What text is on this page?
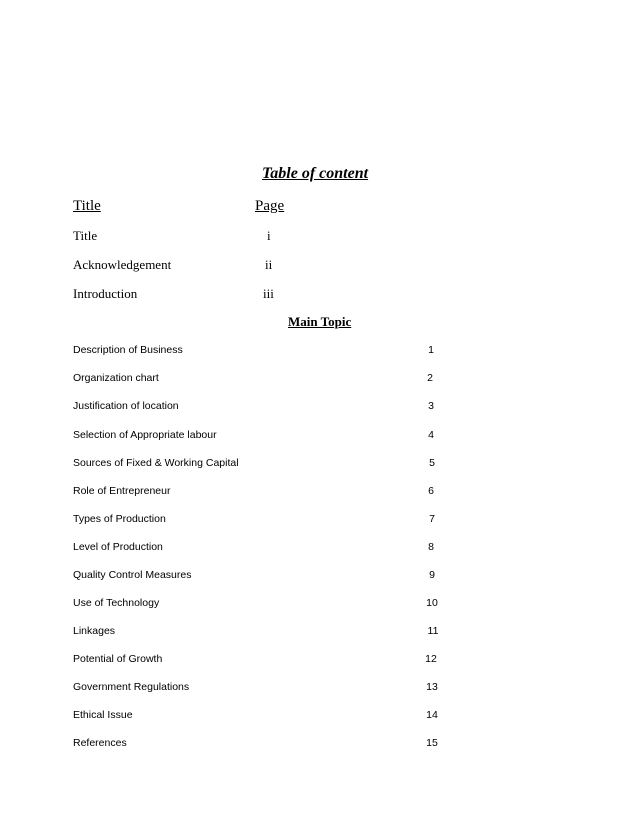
Table of content
Title	Page
Title	i
Acknowledgement	ii
Introduction	iii
Main Topic
Description of Business	1
Organization chart	2
Justification of location	3
Selection of Appropriate labour	4
Sources of Fixed & Working Capital	5
Role of Entrepreneur	6
Types of Production	7
Level of Production	8
Quality Control Measures	9
Use of Technology	10
Linkages	11
Potential of Growth	12
Government Regulations	13
Ethical Issue	14
References	15
